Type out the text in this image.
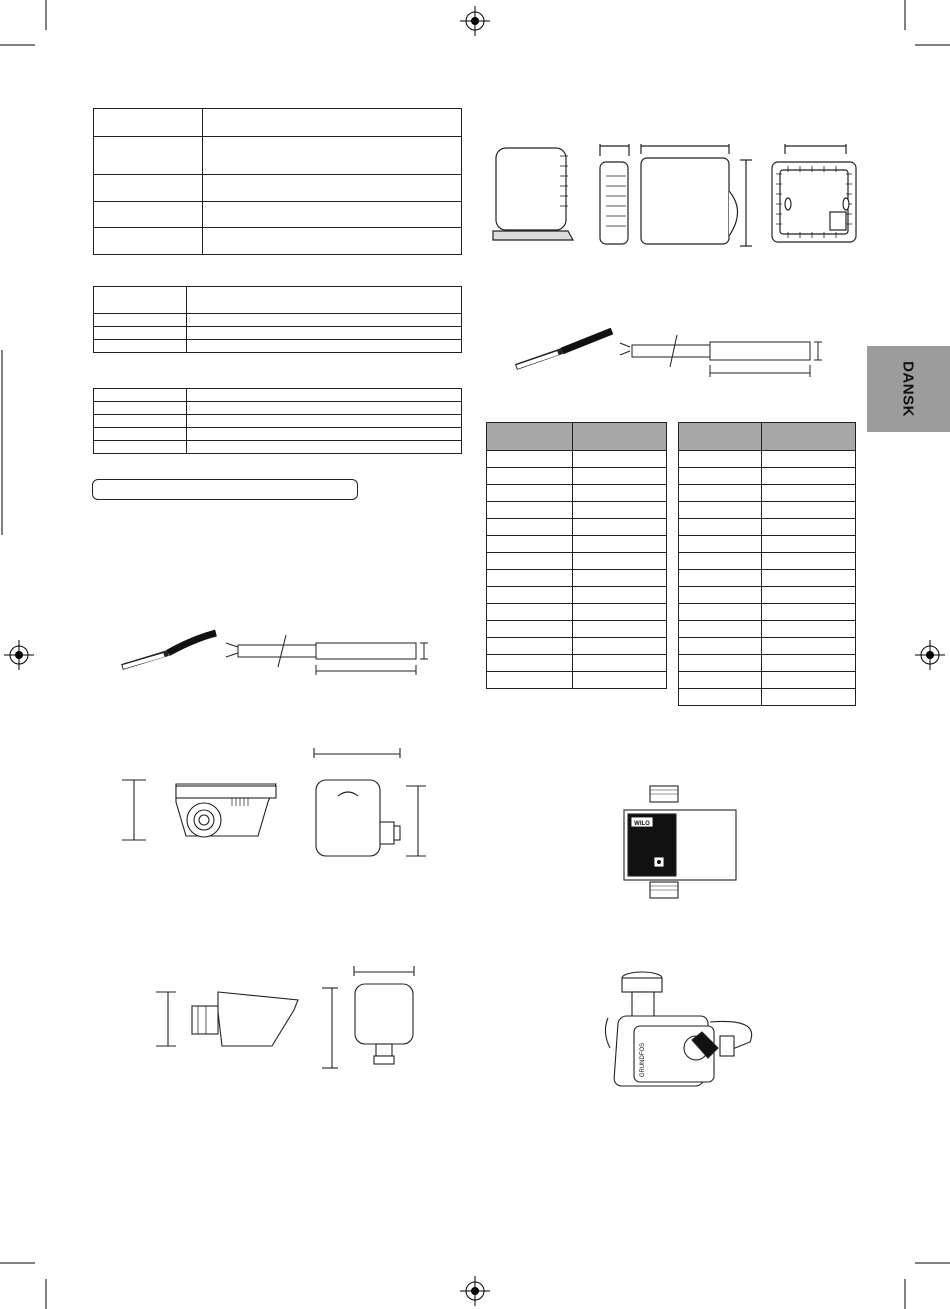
DANSK

WILO
GRUNDFOS
